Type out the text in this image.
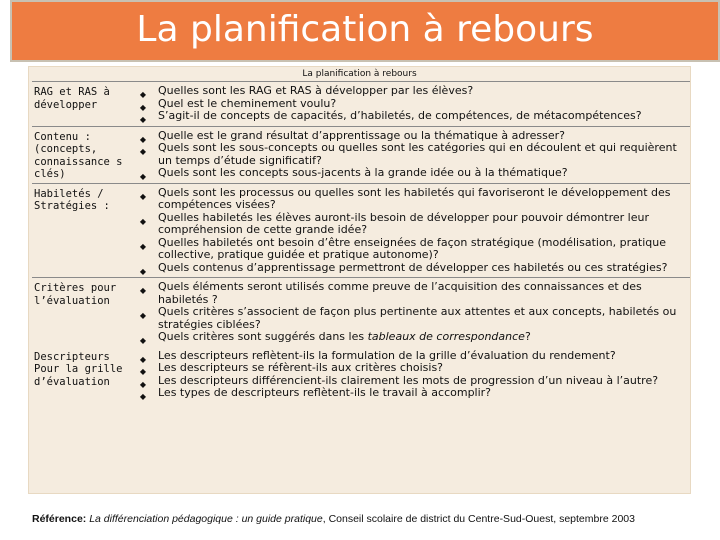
La planification à rebours
La planification à rebours
RAG et RAS à développer
◆
◆
◆
Quelles sont les RAG et RAS à développer par les élèves?
Quel est le cheminement voulu?
S’agit-il de concepts de capacités, d’habiletés, de compétences, de métacompétences?
Contenu : (concepts, connaissance s clés)
◆
◆
◆
Quelle est le grand résultat d’apprentissage ou la thématique à adresser?
Quels sont les sous-concepts ou quelles sont les catégories qui en découlent et qui requièrent un temps d’étude significatif?
Quels sont les concepts sous-jacents à la grande idée ou à la thématique?
Habiletés / Stratégies :
◆
◆
◆
◆
Quels sont les processus ou quelles sont les habiletés qui favoriseront le développement des compétences visées?
Quelles habiletés les élèves auront-ils besoin de développer pour pouvoir démontrer leur compréhension de cette grande idée?
Quelles habiletés ont besoin d’être enseignées de façon stratégique (modélisation, pratique collective, pratique guidée et pratique autonome)?
Quels contenus d’apprentissage permettront de développer ces habiletés ou ces stratégies?
Critères pour l’évaluation
◆
◆
◆
Quels éléments seront utilisés comme preuve de l’acquisition des connaissances et des habiletés ?
Quels critères s’associent de façon plus pertinente aux attentes et aux concepts, habiletés ou stratégies ciblées?
Quels critères sont suggérés dans les tableaux de correspondance?
Descripteurs Pour la grille d’évaluation
◆
◆
◆
◆
Les descripteurs reflètent-ils la formulation de la grille d’évaluation du rendement?
Les descripteurs se réfèrent-ils aux critères choisis?
Les descripteurs différencient-ils clairement les mots de progression d’un niveau à l’autre?
Les types de descripteurs reflètent-ils le travail à accomplir?
Référence: La différenciation pédagogique : un guide pratique, Conseil scolaire de district du Centre-Sud-Ouest, septembre 2003
